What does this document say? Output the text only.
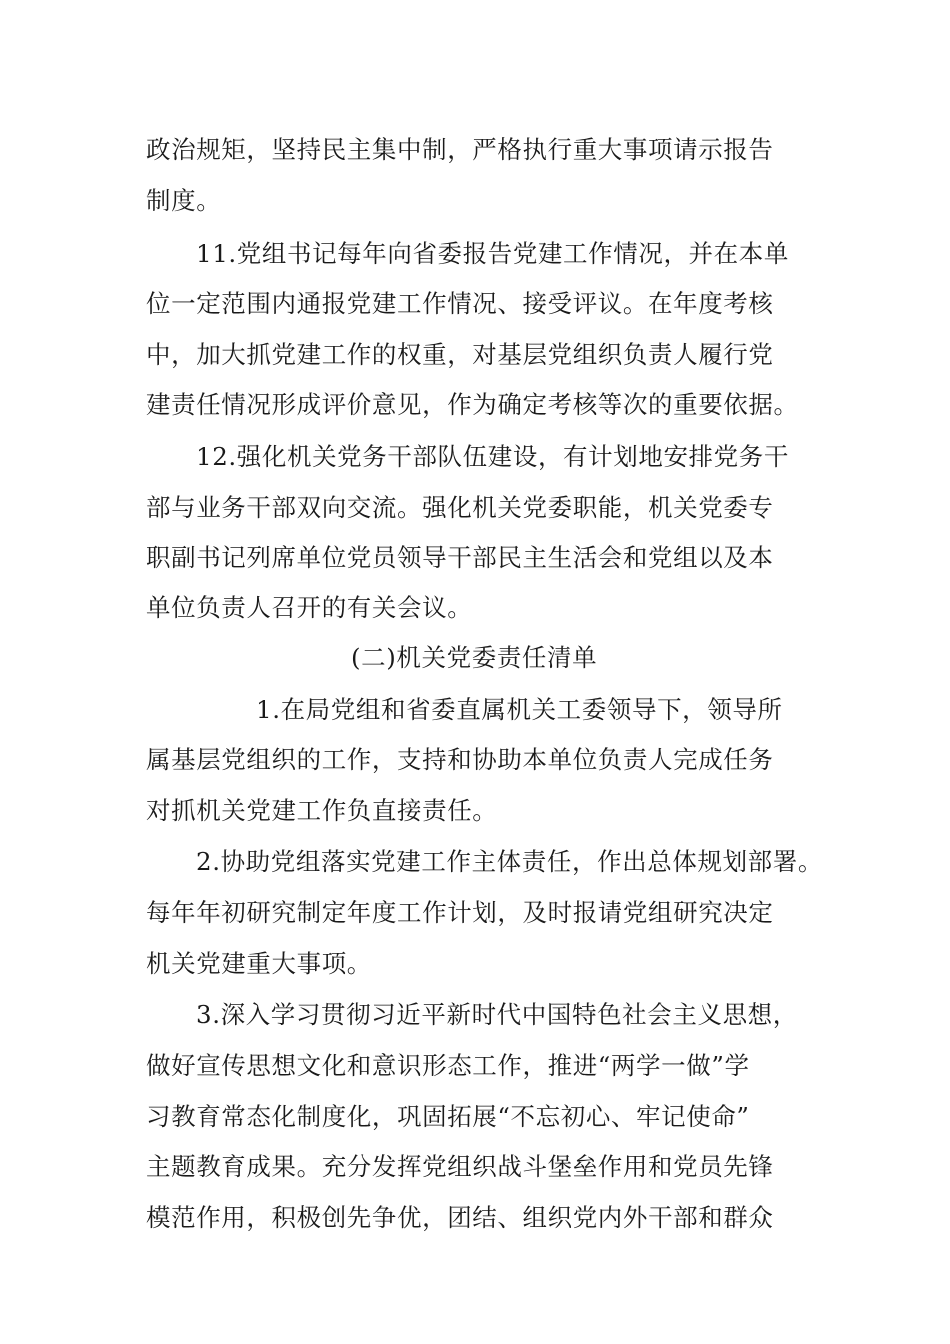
政治规矩，坚持民主集中制，严格执行重大事项请示报告
制度。
11.党组书记每年向省委报告党建工作情况，并在本单
位一定范围内通报党建工作情况、接受评议。在年度考核
中，加大抓党建工作的权重，对基层党组织负责人履行党
建责任情况形成评价意见，作为确定考核等次的重要依据。
12.强化机关党务干部队伍建设，有计划地安排党务干
部与业务干部双向交流。强化机关党委职能，机关党委专
职副书记列席单位党员领导干部民主生活会和党组以及本
单位负责人召开的有关会议。
(二)机关党委责任清单
1.在局党组和省委直属机关工委领导下，领导所
属基层党组织的工作，支持和协助本单位负责人完成任务
对抓机关党建工作负直接责任。
2.协助党组落实党建工作主体责任，作出总体规划部署。
每年年初研究制定年度工作计划，及时报请党组研究决定
机关党建重大事项。
3.深入学习贯彻习近平新时代中国特色社会主义思想，
做好宣传思想文化和意识形态工作，推进“两学一做”学
习教育常态化制度化，巩固拓展“不忘初心、牢记使命”
主题教育成果。充分发挥党组织战斗堡垒作用和党员先锋
模范作用，积极创先争优，团结、组织党内外干部和群众
